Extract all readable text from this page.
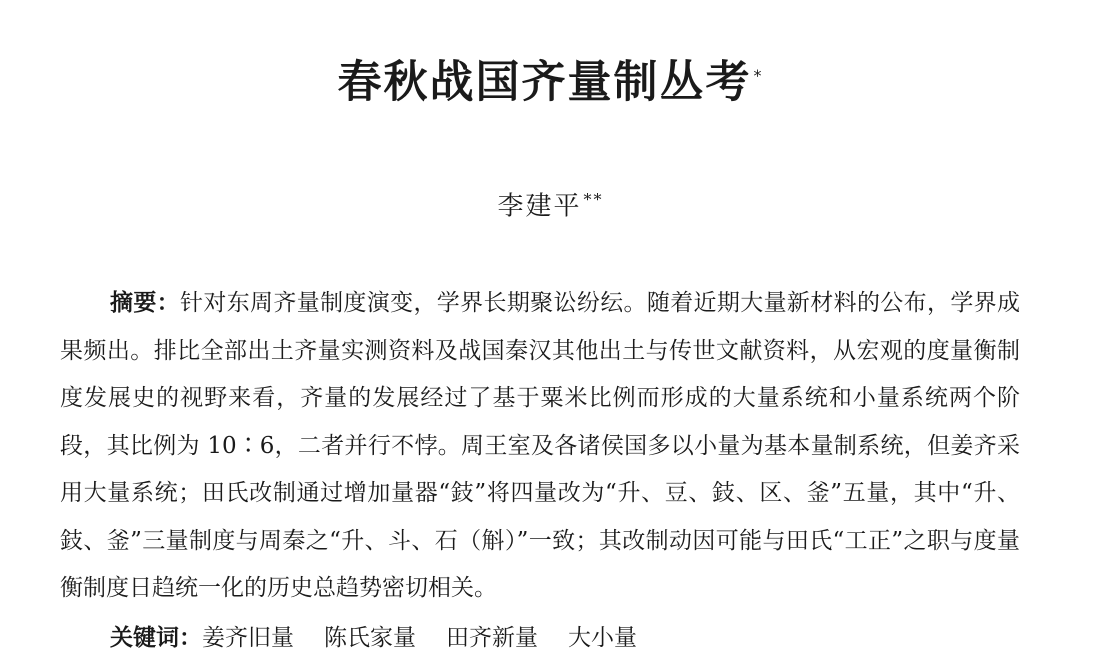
春秋战国齐量制丛考 *
李建平 **

摘要：针对东周齐量制度演变，学界长期聚讼纷纭。随着近期大量新材料的公布，学界成果频出。排比全部出土齐量实测资料及战国秦汉其他出土与传世文献资料，从宏观的度量衡制度发展史的视野来看，齐量的发展经过了基于粟米比例而形成的大量系统和小量系统两个阶段，其比例为 10∶6，二者并行不悖。周王室及各诸侯国多以小量为基本量制系统，但姜齐采用大量系统；田氏改制通过增加量器“鈘”将四量改为“升、豆、鈘、区、釜”五量，其中“升、鈘、釜”三量制度与周秦之“升、斗、石（斛）”一致；其改制动因可能与田氏“工正”之职与度量衡制度日趋统一化的历史总趋势密切相关。

关键词：姜齐旧量 陈氏家量 田齐新量 大小量
